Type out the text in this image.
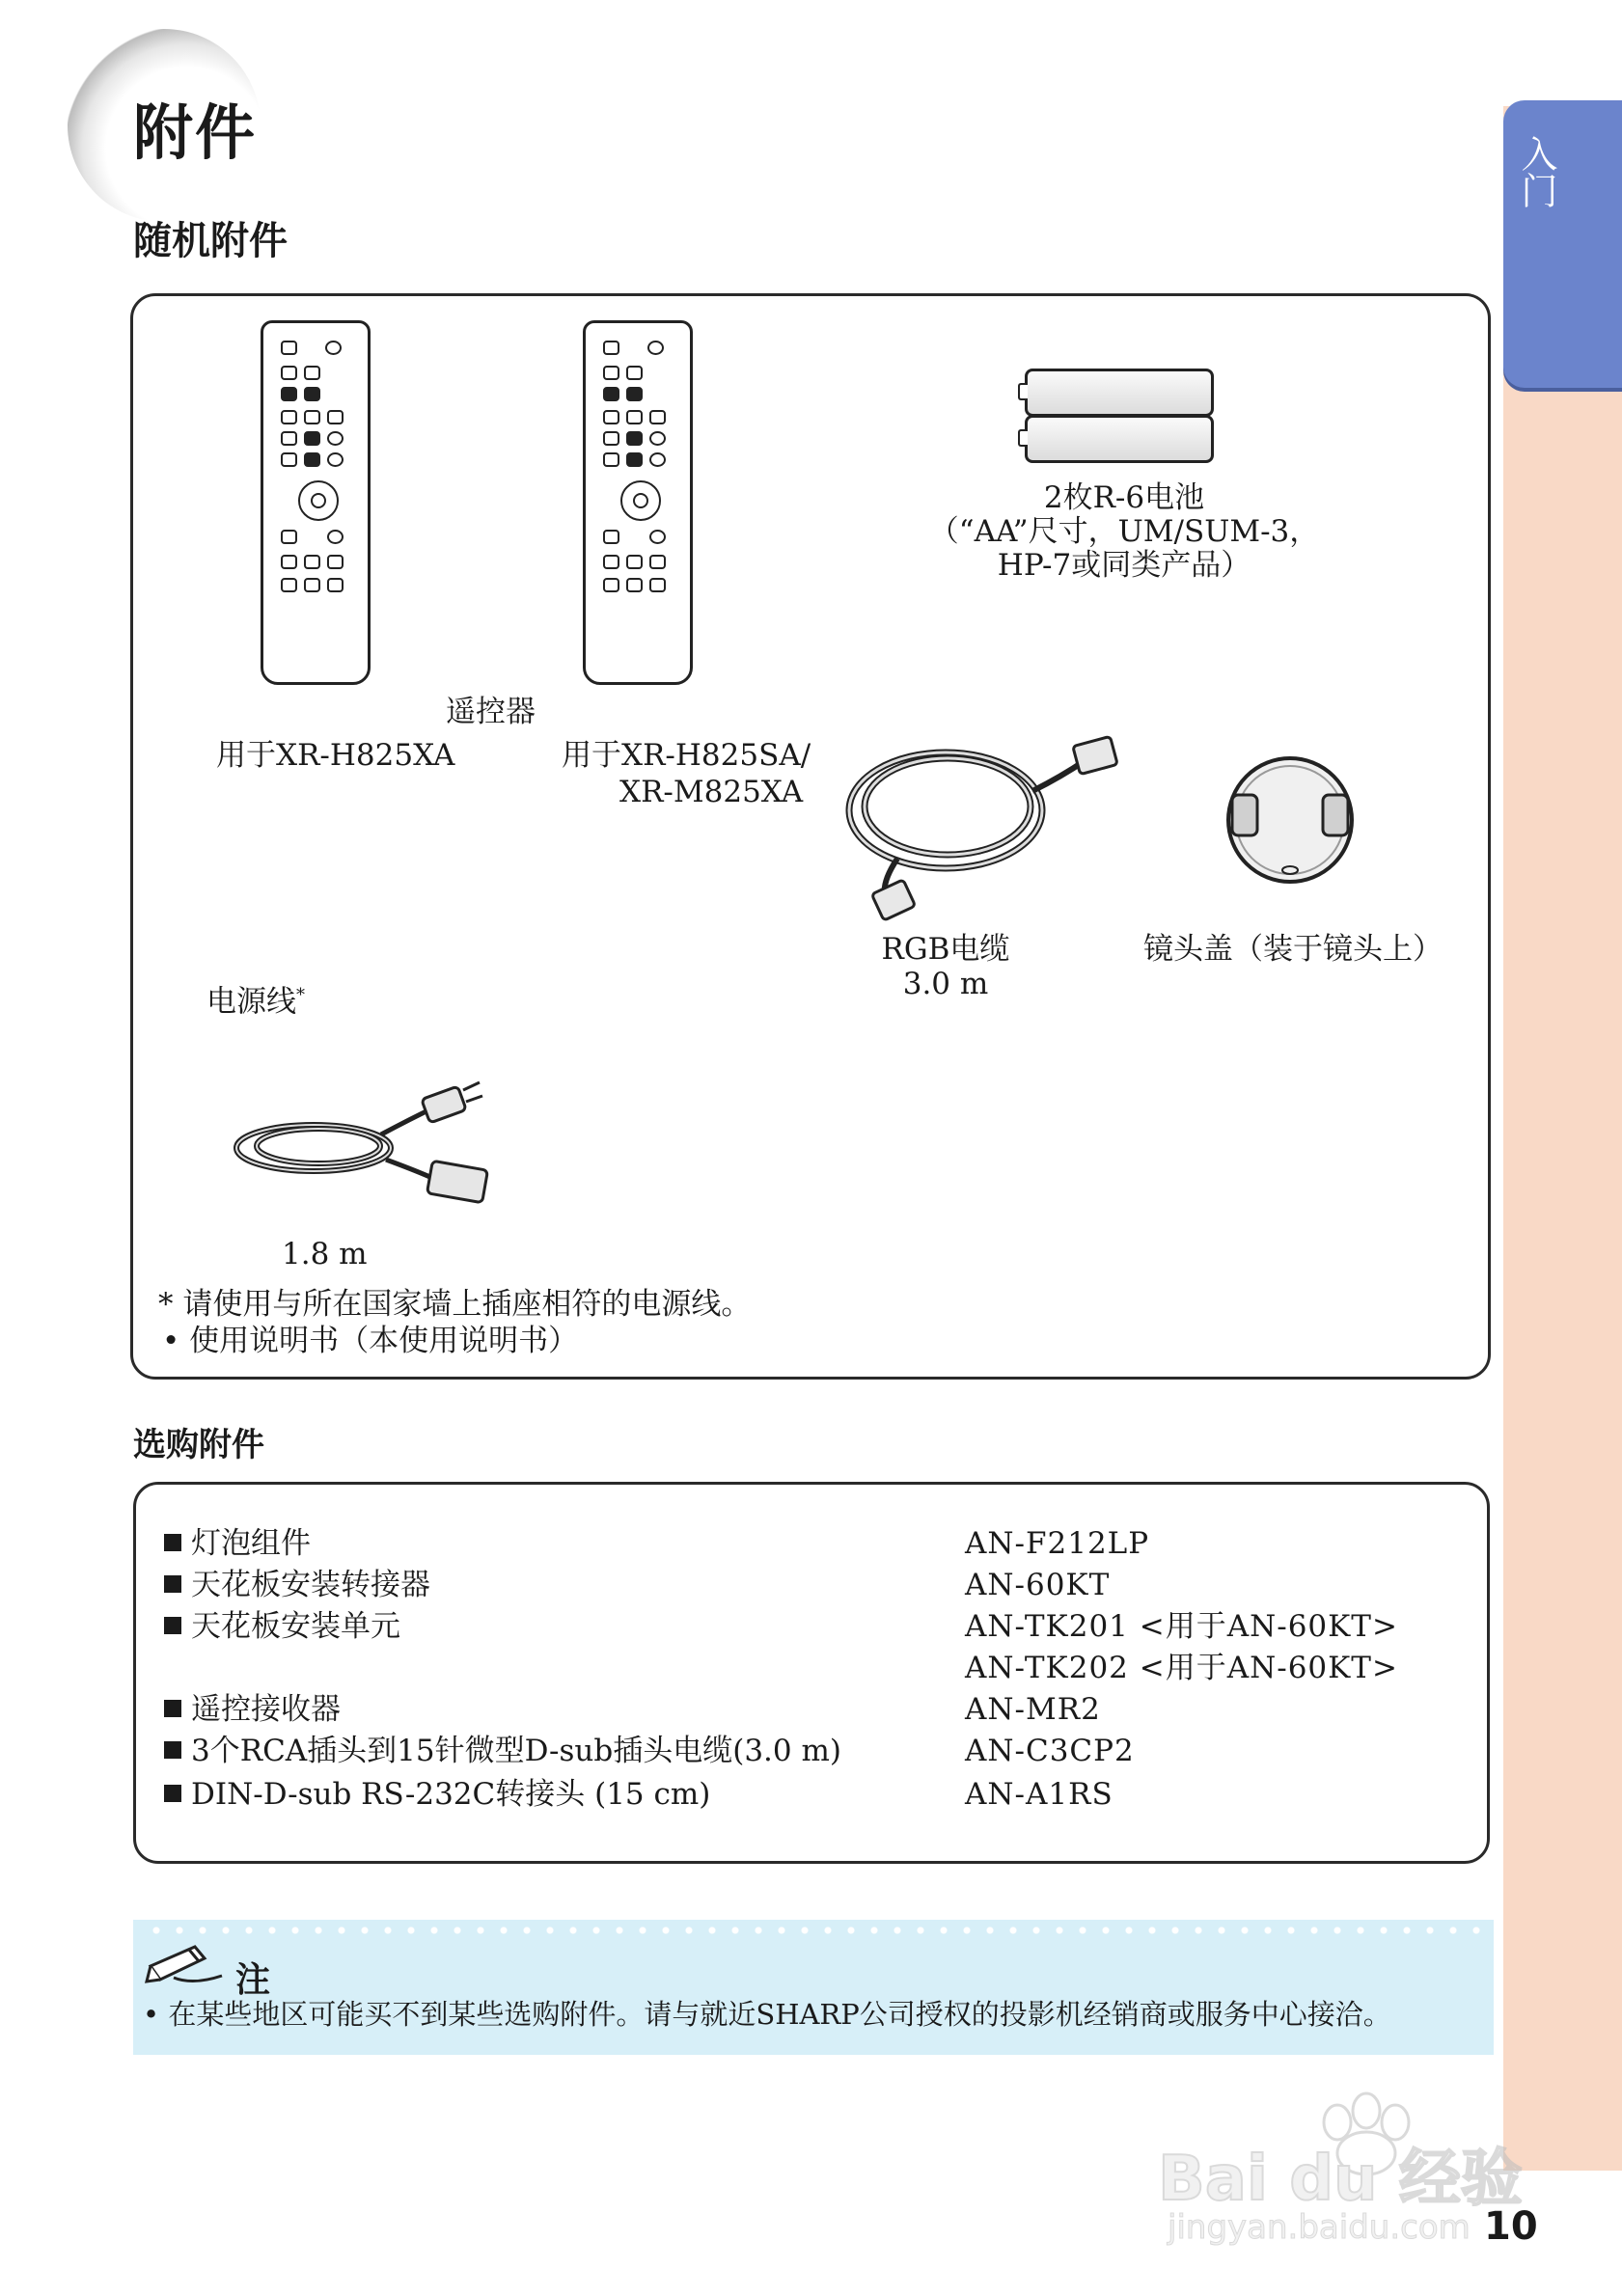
附件
随机附件
入门
遥控器
用于XR-H825XA	用于XR-H825SA/
XR-M825XA
2枚R-6电池
（“AA”尺寸，UM/SUM-3，
HP-7或同类产品）
RGB电缆
3.0 m
镜头盖（装于镜头上）
电源线*
1.8 m
* 请使用与所在国家墙上插座相符的电源线。
• 使用说明书（本使用说明书）
选购附件
灯泡组件	AN-F212LP
天花板安装转接器	AN-60KT
天花板安装单元	AN-TK201 <用于AN-60KT>
AN-TK202 <用于AN-60KT>
遥控接收器	AN-MR2
3个RCA插头到15针微型D-sub插头电缆(3.0 m)	AN-C3CP2
DIN-D-sub RS-232C转接头 (15 cm)	AN-A1RS
注
• 在某些地区可能买不到某些选购附件。请与就近SHARP公司授权的投影机经销商或服务中心接洽。
Bai du 经验
jingyan.baidu.com 10
